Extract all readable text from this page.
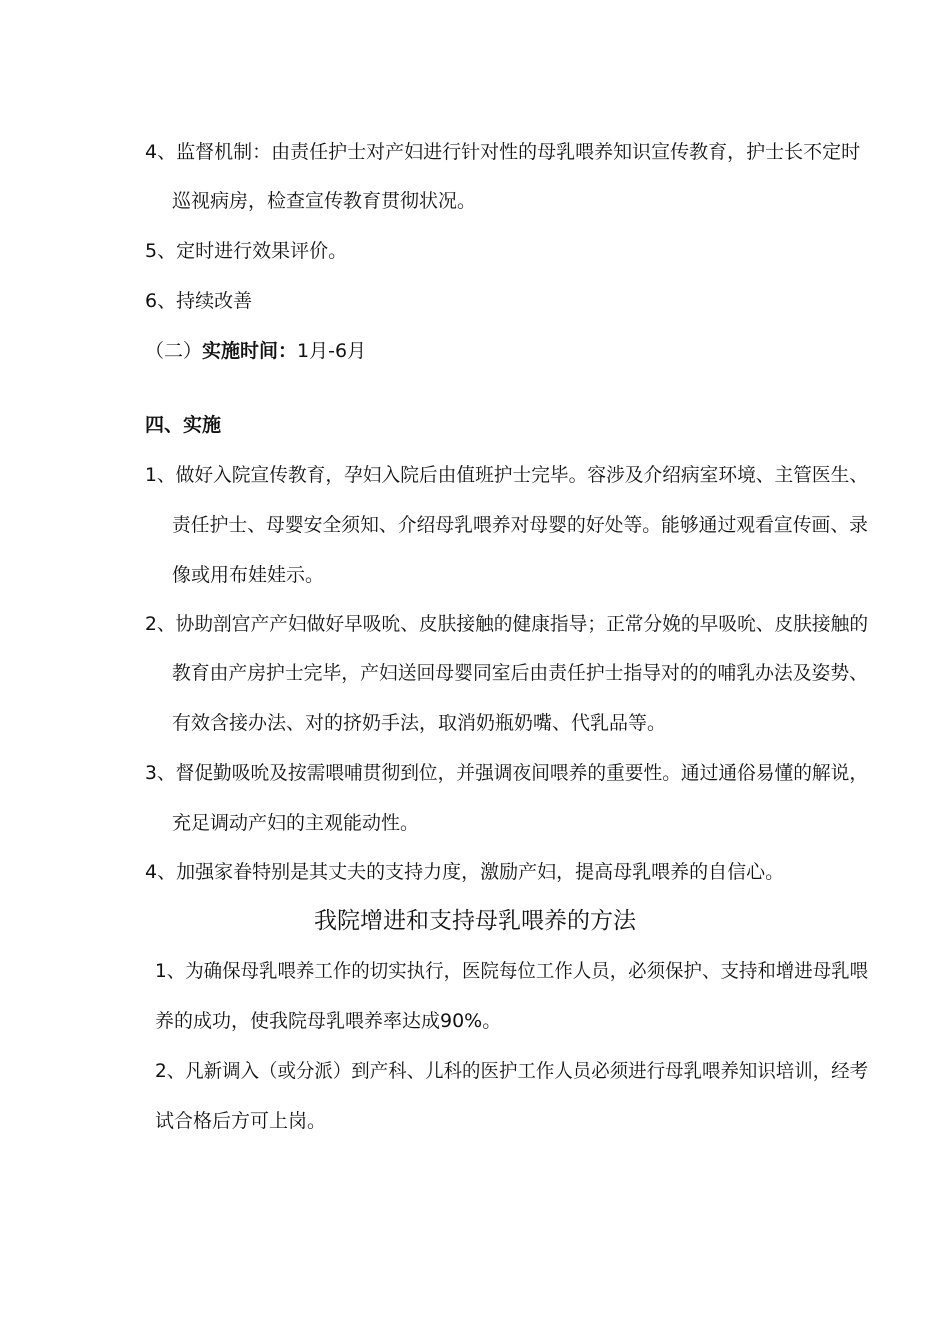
4、监督机制：由责任护士对产妇进行针对性的母乳喂养知识宣传教育，护士长不定时
巡视病房，检查宣传教育贯彻状况。
5、定时进行效果评价。
6、持续改善
（二）实施时间：1月-6月
四、实施
1、做好入院宣传教育，孕妇入院后由值班护士完毕。容涉及介绍病室环境、主管医生、
责任护士、母婴安全须知、介绍母乳喂养对母婴的好处等。能够通过观看宣传画、录
像或用布娃娃示。
2、协助剖宫产产妇做好早吸吮、皮肤接触的健康指导；正常分娩的早吸吮、皮肤接触的
教育由产房护士完毕，产妇送回母婴同室后由责任护士指导对的的哺乳办法及姿势、
有效含接办法、对的挤奶手法，取消奶瓶奶嘴、代乳品等。
3、督促勤吸吮及按需喂哺贯彻到位，并强调夜间喂养的重要性。通过通俗易懂的解说，
充足调动产妇的主观能动性。
4、加强家眷特别是其丈夫的支持力度，激励产妇，提高母乳喂养的自信心。
我院增进和支持母乳喂养的方法
1、为确保母乳喂养工作的切实执行，医院每位工作人员，必须保护、支持和增进母乳喂
养的成功，使我院母乳喂养率达成90%。
2、凡新调入（或分派）到产科、儿科的医护工作人员必须进行母乳喂养知识培训，经考
试合格后方可上岗。
